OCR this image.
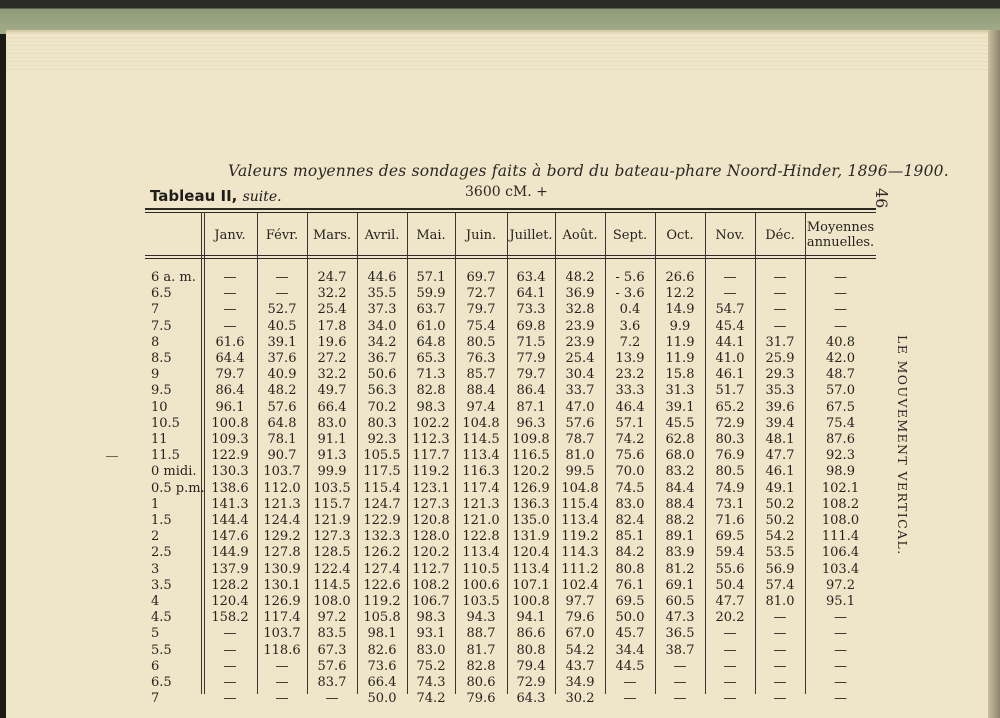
Valeurs moyennes des sondages faits à bord du bateau-phare Noord-Hinder, 1896—1900.
Tableau II, suite.	3600 cM. +	46
LE MOUVEMENT VERTICAL.
Janv.	Févr.	Mars.	Avril.	Mai.	Juin.	Juillet. Août.	Sept.	Oct.	Nov.	Déc. Moyennes annuelles.
6 a. m.	—	—	24.7	44.6	57.1	69.7	63.4	48.2	- 5.6	26.6	—	—	—
6.5	—	—	32.2	35.5	59.9	72.7	64.1	36.9	- 3.6	12.2	—	—	—
7	—	52.7	25.4	37.3	63.7	79.7	73.3	32.8	0.4	14.9	54.7	—	—
7.5	—	40.5	17.8	34.0	61.0	75.4	69.8	23.9	3.6	9.9	45.4	—	—
8	61.6	39.1	19.6	34.2	64.8	80.5	71.5	23.9	7.2	11.9	44.1	31.7	40.8
8.5	64.4	37.6	27.2	36.7	65.3	76.3	77.9	25.4	13.9	11.9	41.0	25.9	42.0
9	79.7	40.9	32.2	50.6	71.3	85.7	79.7	30.4	23.2	15.8	46.1	29.3	48.7
9.5	86.4	48.2	49.7	56.3	82.8	88.4	86.4	33.7	33.3	31.3	51.7	35.3	57.0
10	96.1	57.6	66.4	70.2	98.3	97.4	87.1	47.0	46.4	39.1	65.2	39.6	67.5
10.5	100.8	64.8	83.0	80.3	102.2 104.8	96.3	57.6	57.1	45.5	72.9	39.4	75.4
11	109.3	78.1	91.1	92.3	112.3 114.5 109.8	78.7	74.2	62.8	80.3	48.1	87.6
11.5	122.9	90.7	91.3	105.5 117.7 113.4 116.5	81.0	75.6	68.0	76.9	47.7	92.3
0 midi.	130.3	103.7	99.9	117.5 119.2 116.3 120.2	99.5	70.0	83.2	80.5	46.1	98.9
0.5 p.m. 138.6	112.0 103.5 115.4 123.1 117.4 126.9 104.8	74.5	84.4	74.9	49.1	102.1
1	141.3	121.3 115.7 124.7 127.3 121.3 136.3 115.4	83.0	88.4	73.1	50.2	108.2
1.5	144.4	124.4 121.9 122.9 120.8 121.0 135.0 113.4	82.4	88.2	71.6	50.2	108.0
2	147.6	129.2 127.3 132.3 128.0 122.8 131.9 119.2	85.1	89.1	69.5	54.2	111.4
2.5	144.9	127.8 128.5 126.2 120.2 113.4 120.4 114.3	84.2	83.9	59.4	53.5	106.4
3	137.9	130.9 122.4 127.4 112.7 110.5 113.4 111.2	80.8	81.2	55.6	56.9	103.4
3.5	128.2	130.1 114.5 122.6 108.2 100.6 107.1 102.4	76.1	69.1	50.4	57.4	97.2
4	120.4	126.9 108.0 119.2 106.7 103.5 100.8	97.7	69.5	60.5	47.7	81.0	95.1
4.5	158.2	117.4	97.2	105.8	98.3	94.3	94.1	79.6	50.0	47.3	20.2	—	—
5	—	103.7	83.5	98.1	93.1	88.7	86.6	67.0	45.7	36.5	—	—	—
5.5	—	118.6	67.3	82.6	83.0	81.7	80.8	54.2	34.4	38.7	—	—	—
6	—	—	57.6	73.6	75.2	82.8	79.4	43.7	44.5	—	—	—	—
6.5	—	—	83.7	66.4	74.3	80.6	72.9	34.9	—	—	—	—	—
7	—	—	—	50.0	74.2	79.6	64.3	30.2	—	—	—	—	—
